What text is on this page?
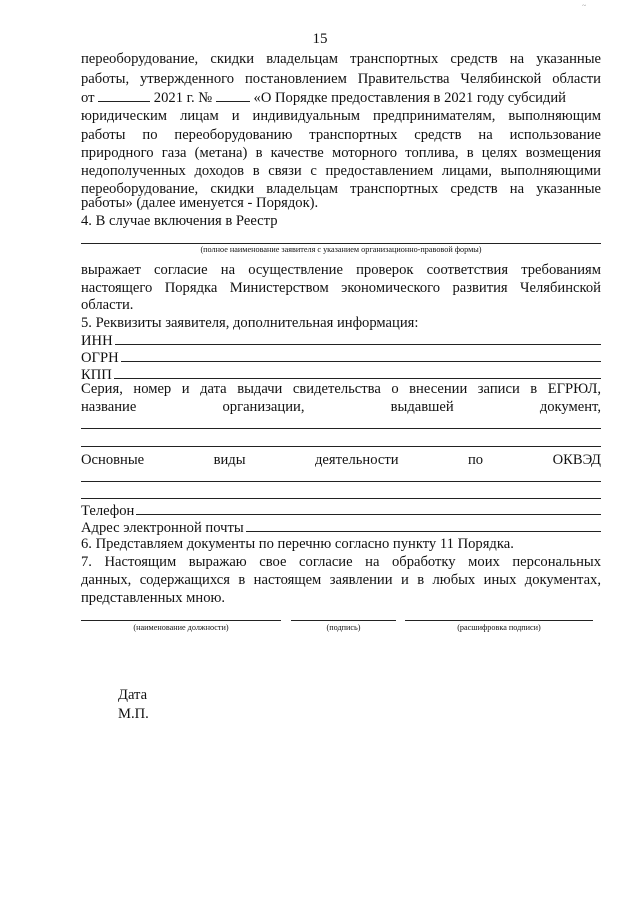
~
15
переоборудование, скидки владельцам транспортных средств на указанные
работы, утвержденного постановлением Правительства Челябинской области
от	2021 г. №	«О Порядке предоставления в 2021 году субсидий
юридическим лицам и индивидуальным предпринимателям, выполняющим
работы по переоборудованию транспортных средств на использование
природного газа (метана) в качестве моторного топлива, в целях возмещения
недополученных доходов в связи с предоставлением лицами, выполняющими
переоборудование, скидки владельцам транспортных средств на указанные
работы» (далее именуется - Порядок).
4. В случае включения в Реестр
(полное наименование заявителя с указанием организационно-правовой формы)
выражает согласие на осуществление проверок соответствия требованиям
настоящего Порядка Министерством экономического развития Челябинской
области.
5. Реквизиты заявителя, дополнительная информация:
ИНН
ОГРН
КПП
Серия, номер и дата выдачи свидетельства о внесении записи в ЕГРЮЛ,
название	организации,	выдавшей	документ,
Основные	виды	деятельности	по	ОКВЭД
Телефон
Адрес электронной почты
6. Представляем документы по перечню согласно пункту 11 Порядка.
7. Настоящим выражаю свое согласие на обработку моих персональных
данных, содержащихся в настоящем заявлении и в любых иных документах,
представленных мною.
(наименование должности)	(подпись)	(расшифровка подписи)
Дата
М.П.
